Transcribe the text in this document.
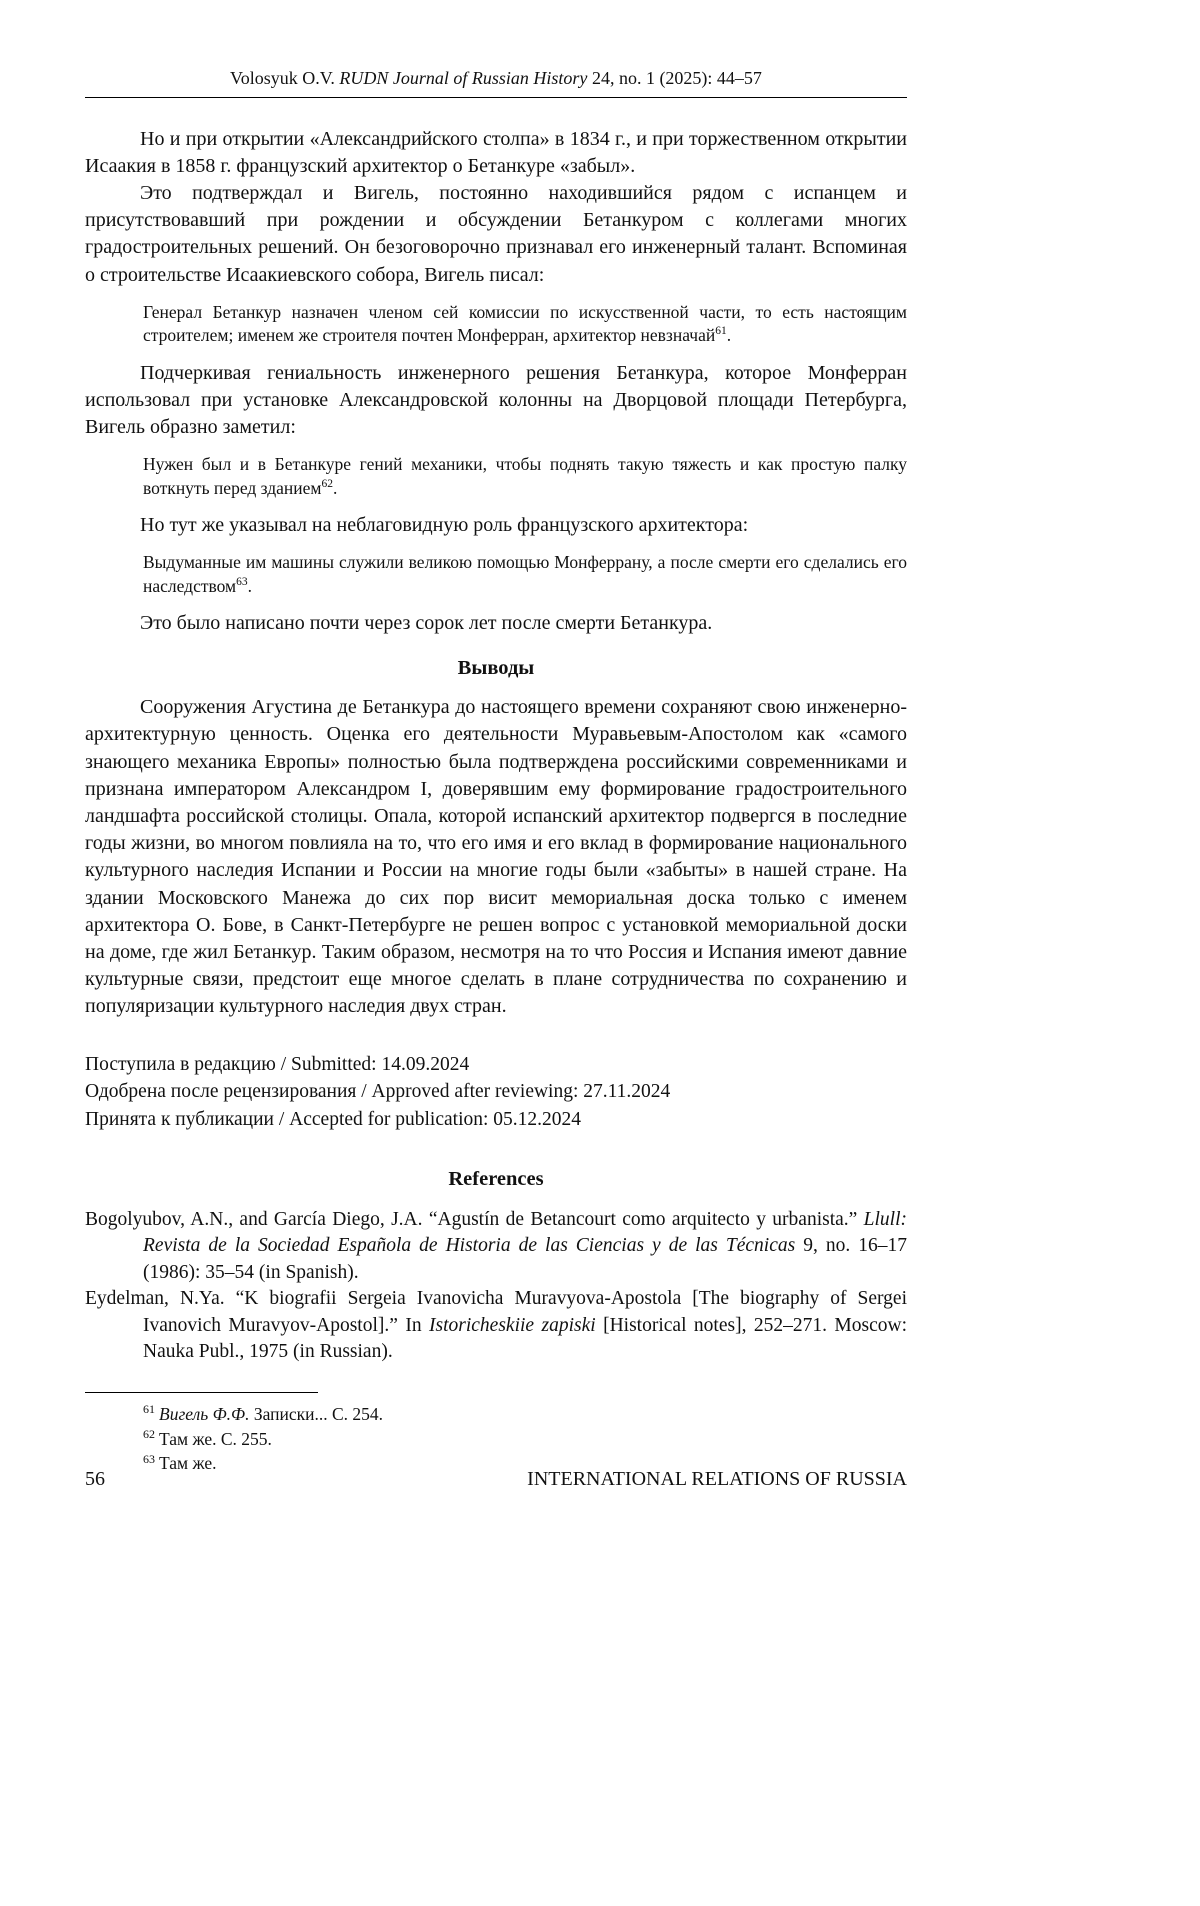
Volosyuk O.V. RUDN Journal of Russian History 24, no. 1 (2025): 44–57

Но и при открытии «Александрийского столпа» в 1834 г., и при торжественном открытии Исаакия в 1858 г. французский архитектор о Бетанкуре «забыл».

Это подтверждал и Вигель, постоянно находившийся рядом с испанцем и присутствовавший при рождении и обсуждении Бетанкуром с коллегами многих градостроительных решений. Он безоговорочно признавал его инженерный талант. Вспоминая о строительстве Исаакиевского собора, Вигель писал:

Генерал Бетанкур назначен членом сей комиссии по искусственной части, то есть настоящим строителем; именем же строителя почтен Монферран, архитектор невзначай$^{61}$.

Подчеркивая гениальность инженерного решения Бетанкура, которое Монферран использовал при установке Александровской колонны на Дворцовой площади Петербурга, Вигель образно заметил:

Нужен был и в Бетанкуре гений механики, чтобы поднять такую тяжесть и как простую палку воткнуть перед зданием$^{62}$.

Но тут же указывал на неблаговидную роль французского архитектора:

Выдуманные им машины служили великою помощью Монферрану, а после смерти его сделались его наследством$^{63}$.

Это было написано почти через сорок лет после смерти Бетанкура.

Выводы

Сооружения Агустина де Бетанкура до настоящего времени сохраняют свою инженерно-архитектурную ценность. Оценка его деятельности Муравьевым-Апостолом как «самого знающего механика Европы» полностью была подтверждена российскими современниками и признана императором Александром I, доверявшим ему формирование градостроительного ландшафта российской столицы. Опала, которой испанский архитектор подвергся в последние годы жизни, во многом повлияла на то, что его имя и его вклад в формирование национального культурного наследия Испании и России на многие годы были «забыты» в нашей стране. На здании Московского Манежа до сих пор висит мемориальная доска только с именем архитектора О. Бове, в Санкт-Петербурге не решен вопрос с установкой мемориальной доски на доме, где жил Бетанкур. Таким образом, несмотря на то что Россия и Испания имеют давние культурные связи, предстоит еще многое сделать в плане сотрудничества по сохранению и популяризации культурного наследия двух стран.

Поступила в редакцию / Submitted: 14.09.2024

Одобрена после рецензирования / Approved after reviewing: 27.11.2024

Принята к публикации / Accepted for publication: 05.12.2024

References

Bogolyubov, A.N., and García Diego, J.A. “Agustín de Betancourt como arquitecto y urbanista.” Llull: Revista de la Sociedad Española de Historia de las Ciencias y de las Técnicas 9, no. 16–17 (1986): 35–54 (in Spanish).

Eydelman, N.Ya. “K biografii Sergeia Ivanovicha Muravyova-Apostola [The biography of Sergei Ivanovich Muravyov-Apostol].” In Istoricheskiie zapiski [Historical notes], 252–271. Moscow: Nauka Publ., 1975 (in Russian).

$^{61}$ Вигель Ф.Ф. Записки... С. 254.

$^{62}$ Там же. С. 255.

$^{63}$ Там же.

56	INTERNATIONAL RELATIONS OF RUSSIA
